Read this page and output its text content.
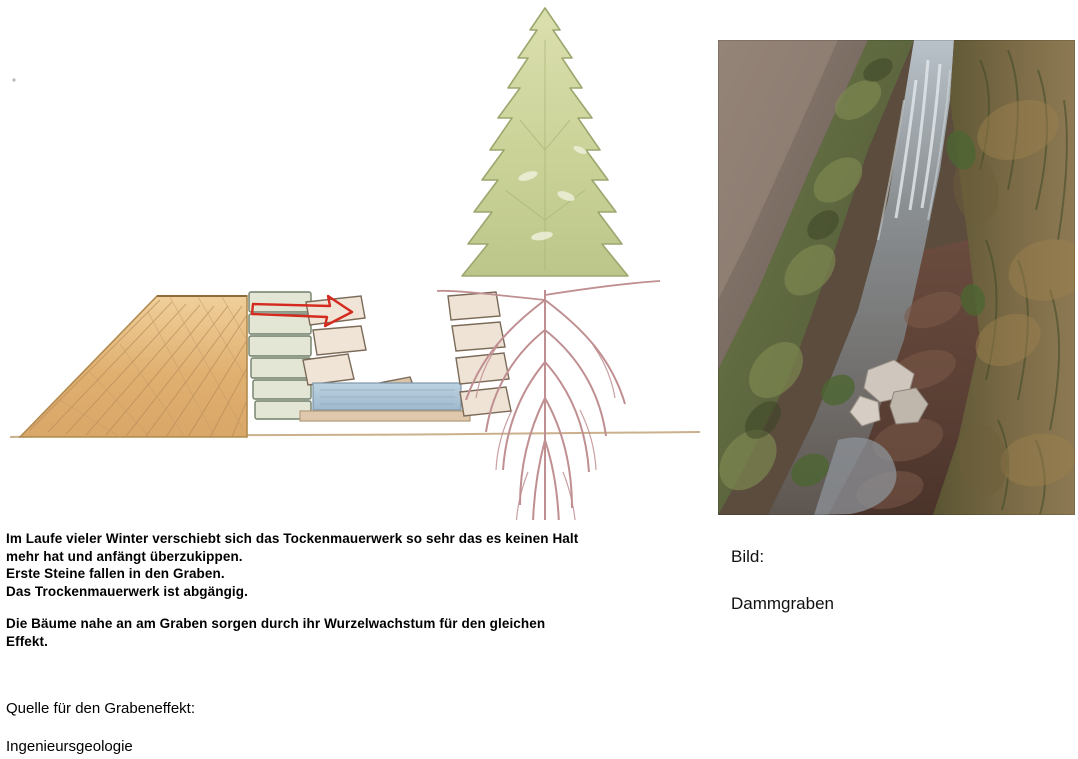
Im Laufe vieler Winter verschiebt sich das Tockenmauerwerk so sehr das es keinen Halt

mehr hat und anfängt überzukippen.

Erste Steine fallen in den Graben.

Das Trockenmauerwerk ist abgängig.

Die Bäume nahe an am Graben sorgen durch ihr Wurzelwachstum für den gleichen

Effekt.

Quelle für den Grabeneffekt:

Ingenieursgeologie

Bild:
Dammgraben
